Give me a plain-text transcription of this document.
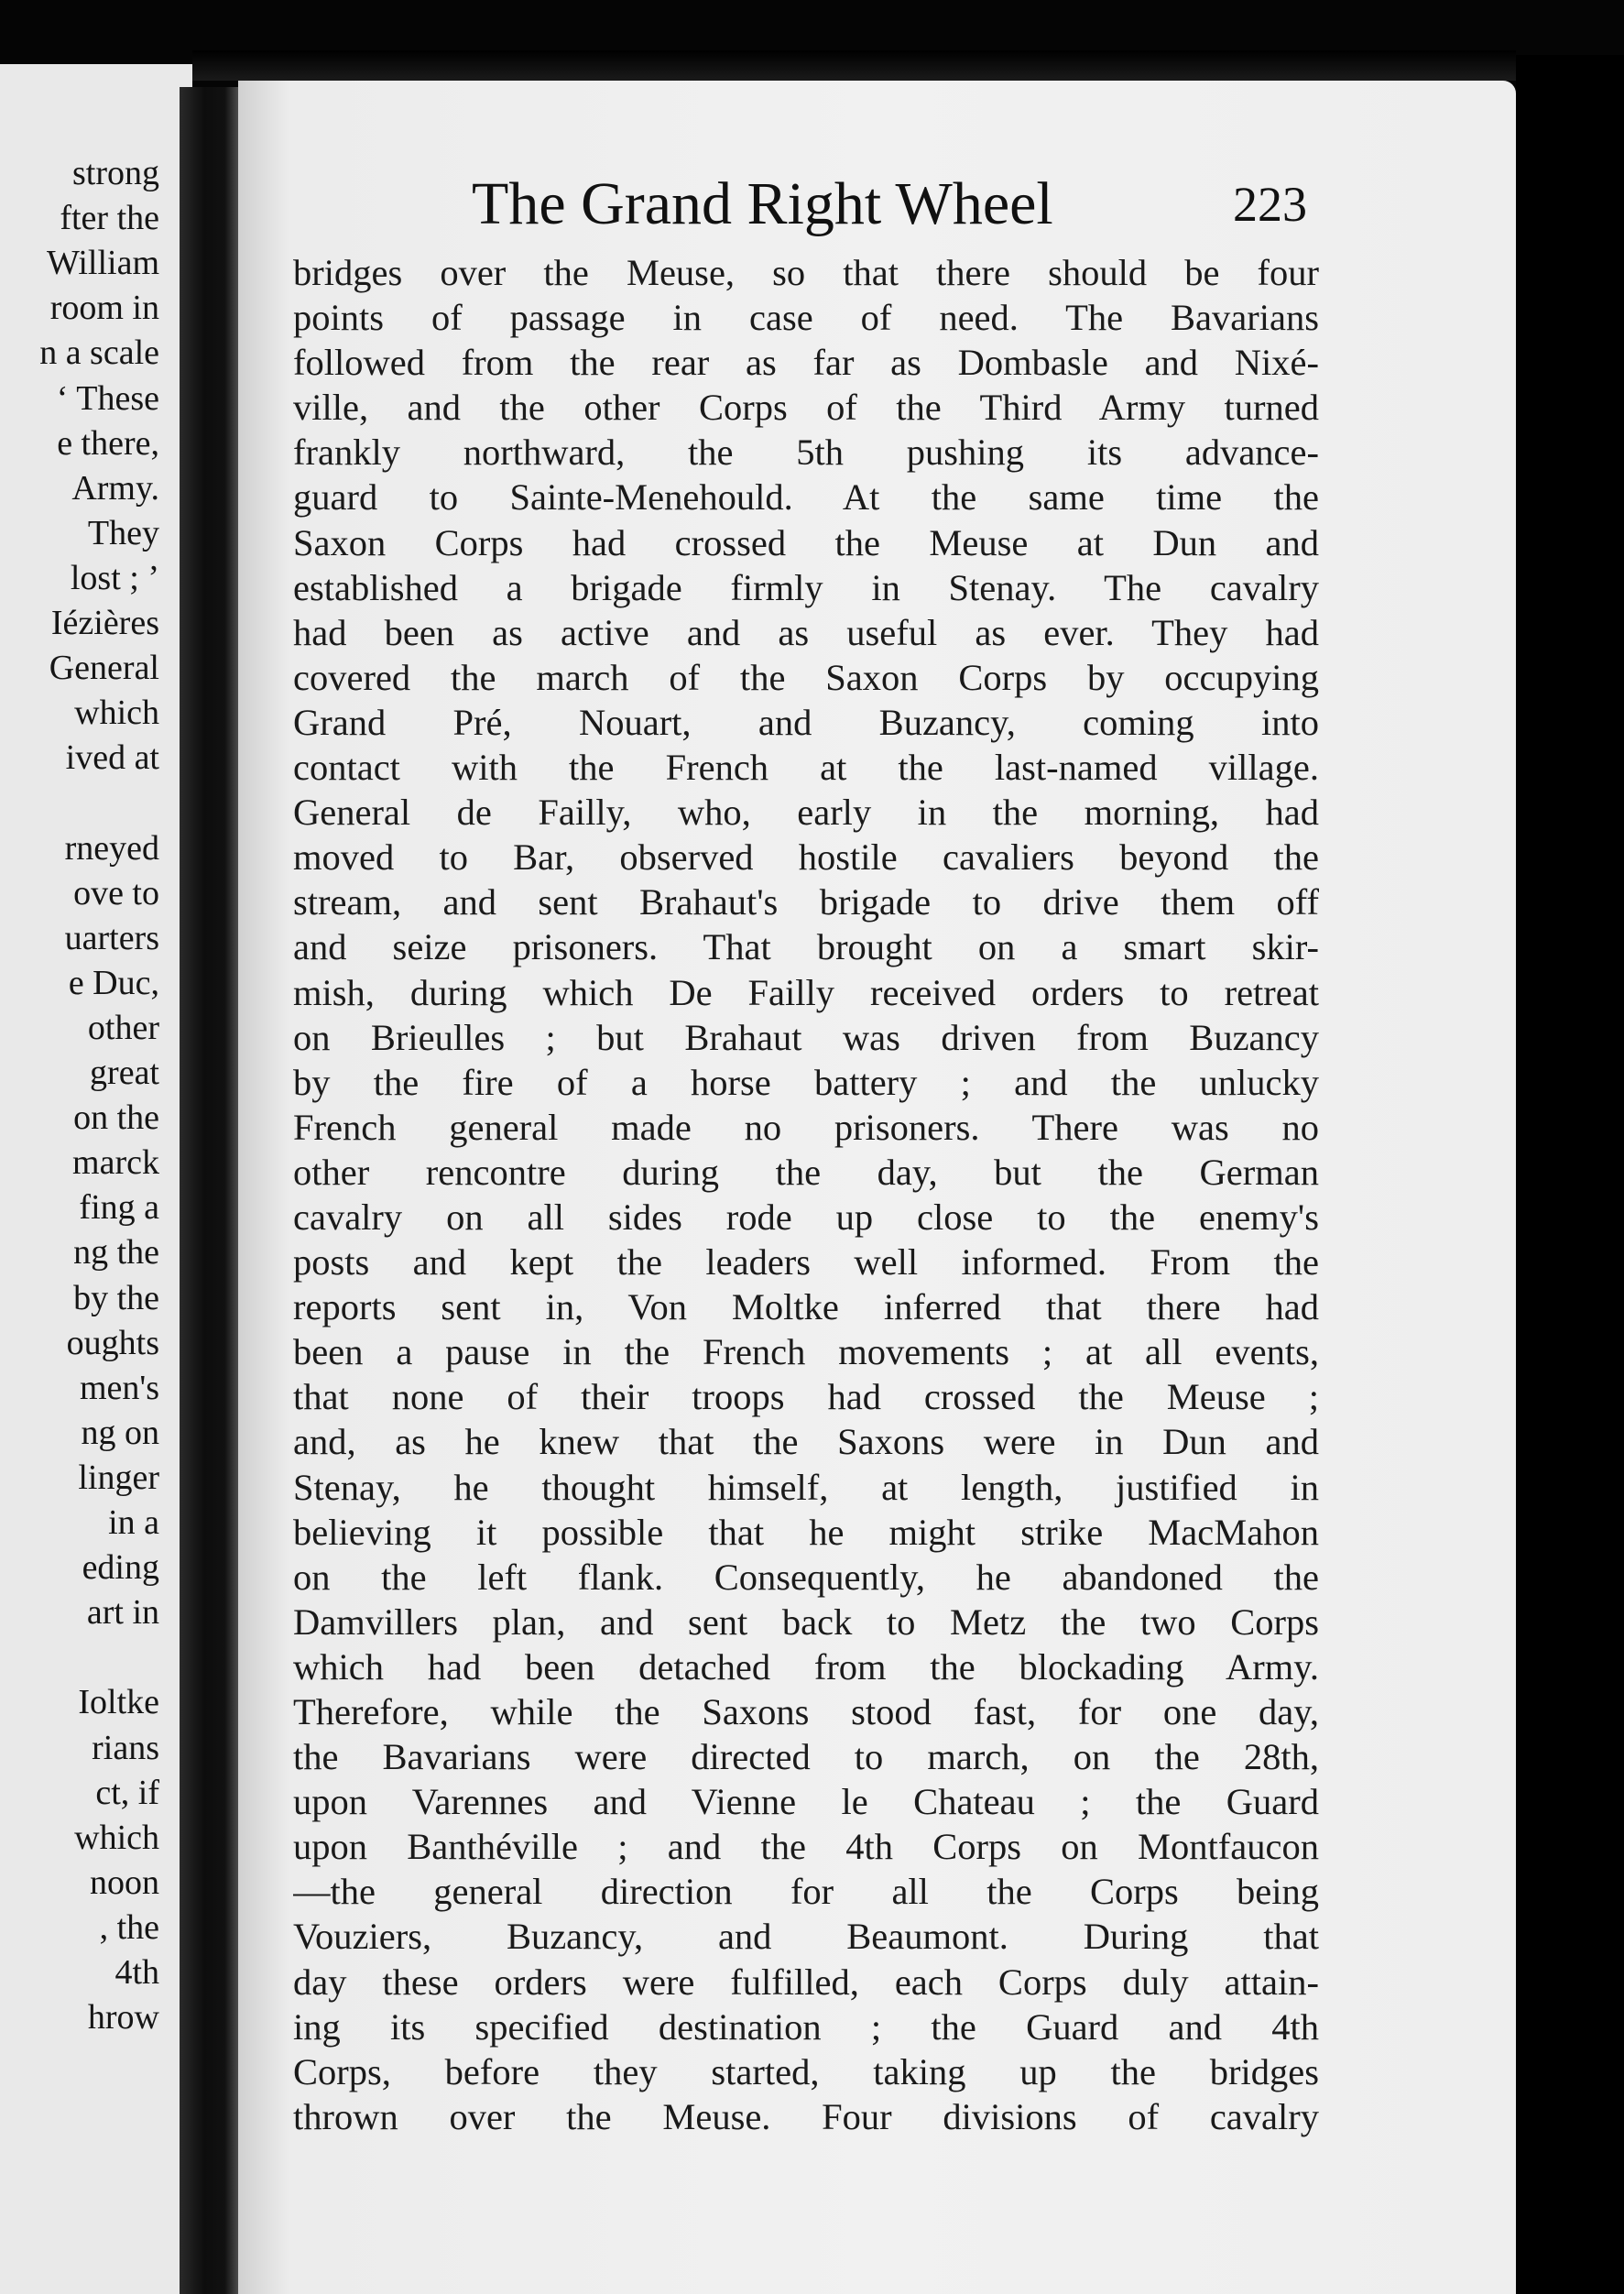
strong
fter the
William
room in
n a scale
‘ These
e there,
Army.
They
lost ; ’
Iézières
General
which
ived at
rneyed
ove to
uarters
e Duc,
other
great
on the
marck
fing a
ng the
by the
oughts
men's
ng on
linger
in a
eding
art in
Ioltke
rians
ct, if
which
noon
, the
4th
hrow
The Grand Right Wheel	223
bridges over the Meuse, so that there should be four
points of passage in case of need. The Bavarians
followed from the rear as far as Dombasle and Nixé-
ville, and the other Corps of the Third Army turned
frankly northward, the 5th pushing its advance-
guard to Sainte-Menehould. At the same time the
Saxon Corps had crossed the Meuse at Dun and
established a brigade firmly in Stenay. The cavalry
had been as active and as useful as ever. They had
covered the march of the Saxon Corps by occupying
Grand Pré, Nouart, and Buzancy, coming into
contact with the French at the last-named village.
General de Failly, who, early in the morning, had
moved to Bar, observed hostile cavaliers beyond the
stream, and sent Brahaut's brigade to drive them off
and seize prisoners. That brought on a smart skir-
mish, during which De Failly received orders to retreat
on Brieulles ; but Brahaut was driven from Buzancy
by the fire of a horse battery ; and the unlucky
French general made no prisoners. There was no
other rencontre during the day, but the German
cavalry on all sides rode up close to the enemy's
posts and kept the leaders well informed. From the
reports sent in, Von Moltke inferred that there had
been a pause in the French movements ; at all events,
that none of their troops had crossed the Meuse ;
and, as he knew that the Saxons were in Dun and
Stenay, he thought himself, at length, justified in
believing it possible that he might strike MacMahon
on the left flank. Consequently, he abandoned the
Damvillers plan, and sent back to Metz the two Corps
which had been detached from the blockading Army.
Therefore, while the Saxons stood fast, for one day,
the Bavarians were directed to march, on the 28th,
upon Varennes and Vienne le Chateau ; the Guard
upon Banthéville ; and the 4th Corps on Montfaucon
—the general direction for all the Corps being
Vouziers, Buzancy, and Beaumont. During that
day these orders were fulfilled, each Corps duly attain-
ing its specified destination ; the Guard and 4th
Corps, before they started, taking up the bridges
thrown over the Meuse. Four divisions of cavalry
